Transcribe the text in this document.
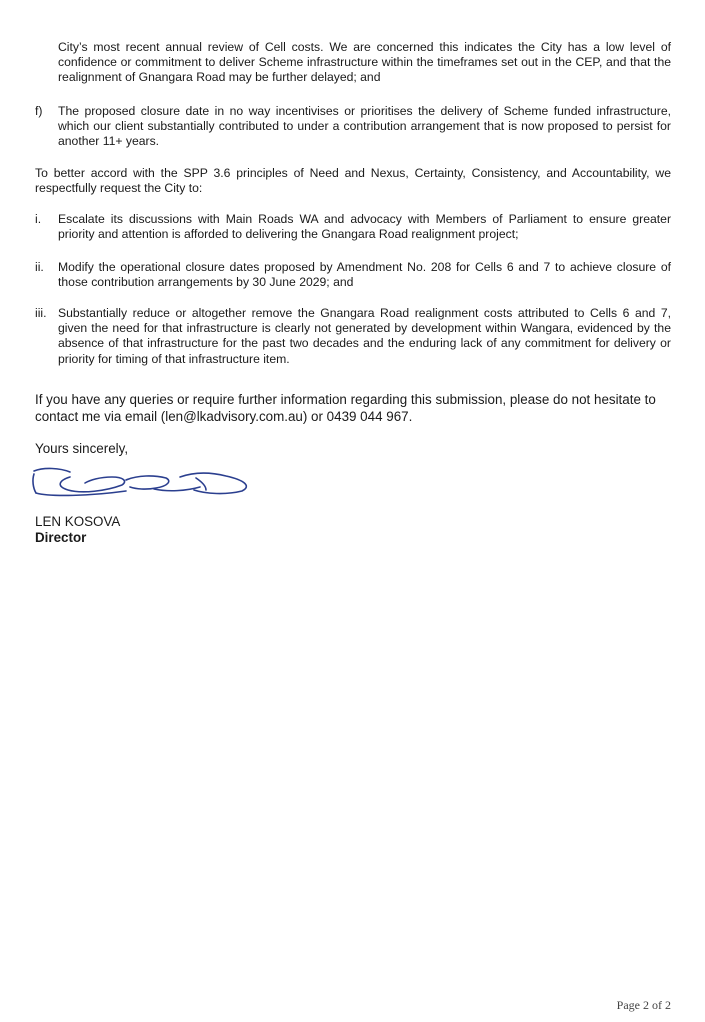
City’s most recent annual review of Cell costs. We are concerned this indicates the City has a low level of confidence or commitment to deliver Scheme infrastructure within the timeframes set out in the CEP, and that the realignment of Gnangara Road may be further delayed; and

f) The proposed closure date in no way incentivises or prioritises the delivery of Scheme funded infrastructure, which our client substantially contributed to under a contribution arrangement that is now proposed to persist for another 11+ years.

To better accord with the SPP 3.6 principles of Need and Nexus, Certainty, Consistency, and Accountability, we respectfully request the City to:

i. Escalate its discussions with Main Roads WA and advocacy with Members of Parliament to ensure greater priority and attention is afforded to delivering the Gnangara Road realignment project;

ii. Modify the operational closure dates proposed by Amendment No. 208 for Cells 6 and 7 to achieve closure of those contribution arrangements by 30 June 2029; and

iii. Substantially reduce or altogether remove the Gnangara Road realignment costs attributed to Cells 6 and 7, given the need for that infrastructure is clearly not generated by development within Wangara, evidenced by the absence of that infrastructure for the past two decades and the enduring lack of any commitment for delivery or priority for timing of that infrastructure item.

If you have any queries or require further information regarding this submission, please do not hesitate to contact me via email (len@lkadvisory.com.au) or 0439 044 967.

Yours sincerely,

LEN KOSOVA

Director

Page 2 of 2
